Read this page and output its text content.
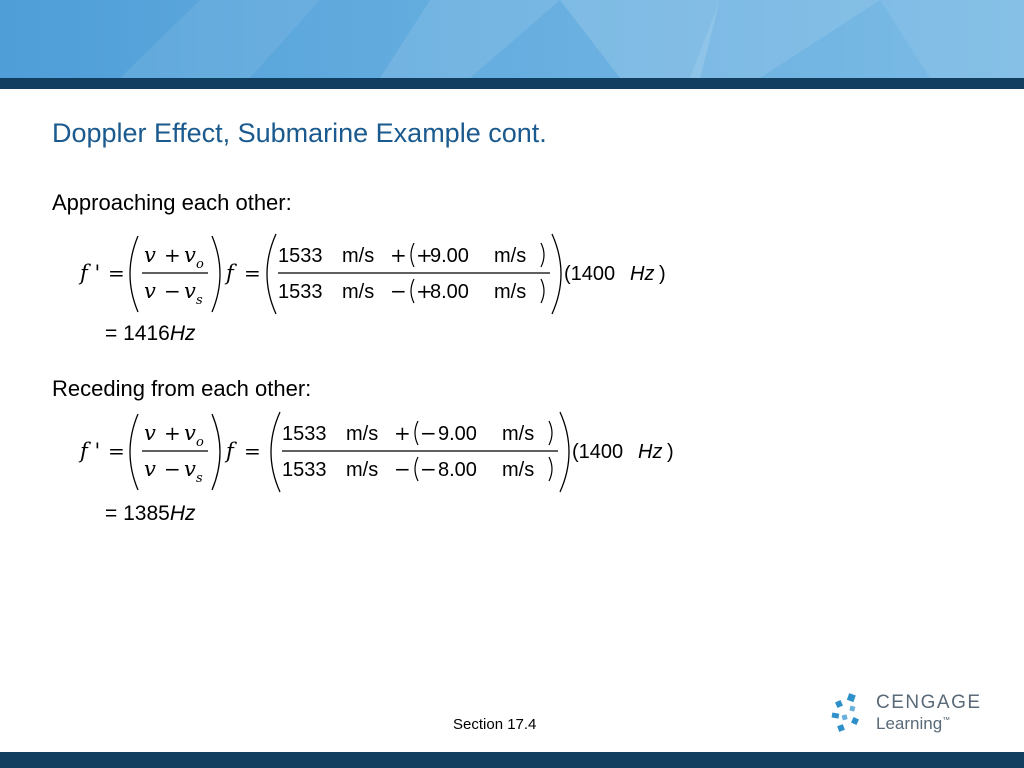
Doppler Effect, Submarine Example cont.
Approaching each other:
f ' =
v + v o
v − v s
f =
1533 m/s + +
9.00 m/s
1533 m/s − +
8.00 m/s
(1400 Hz )
= 1416Hz
Receding from each other:
f ' =
v + v o
v − v s
f =
1533 m/s + − 9.00 m/s
1533 m/s − − 8.00 m/s
(1400 Hz )
= 1385Hz
Section 17.4
CENGAGE
Learning™
